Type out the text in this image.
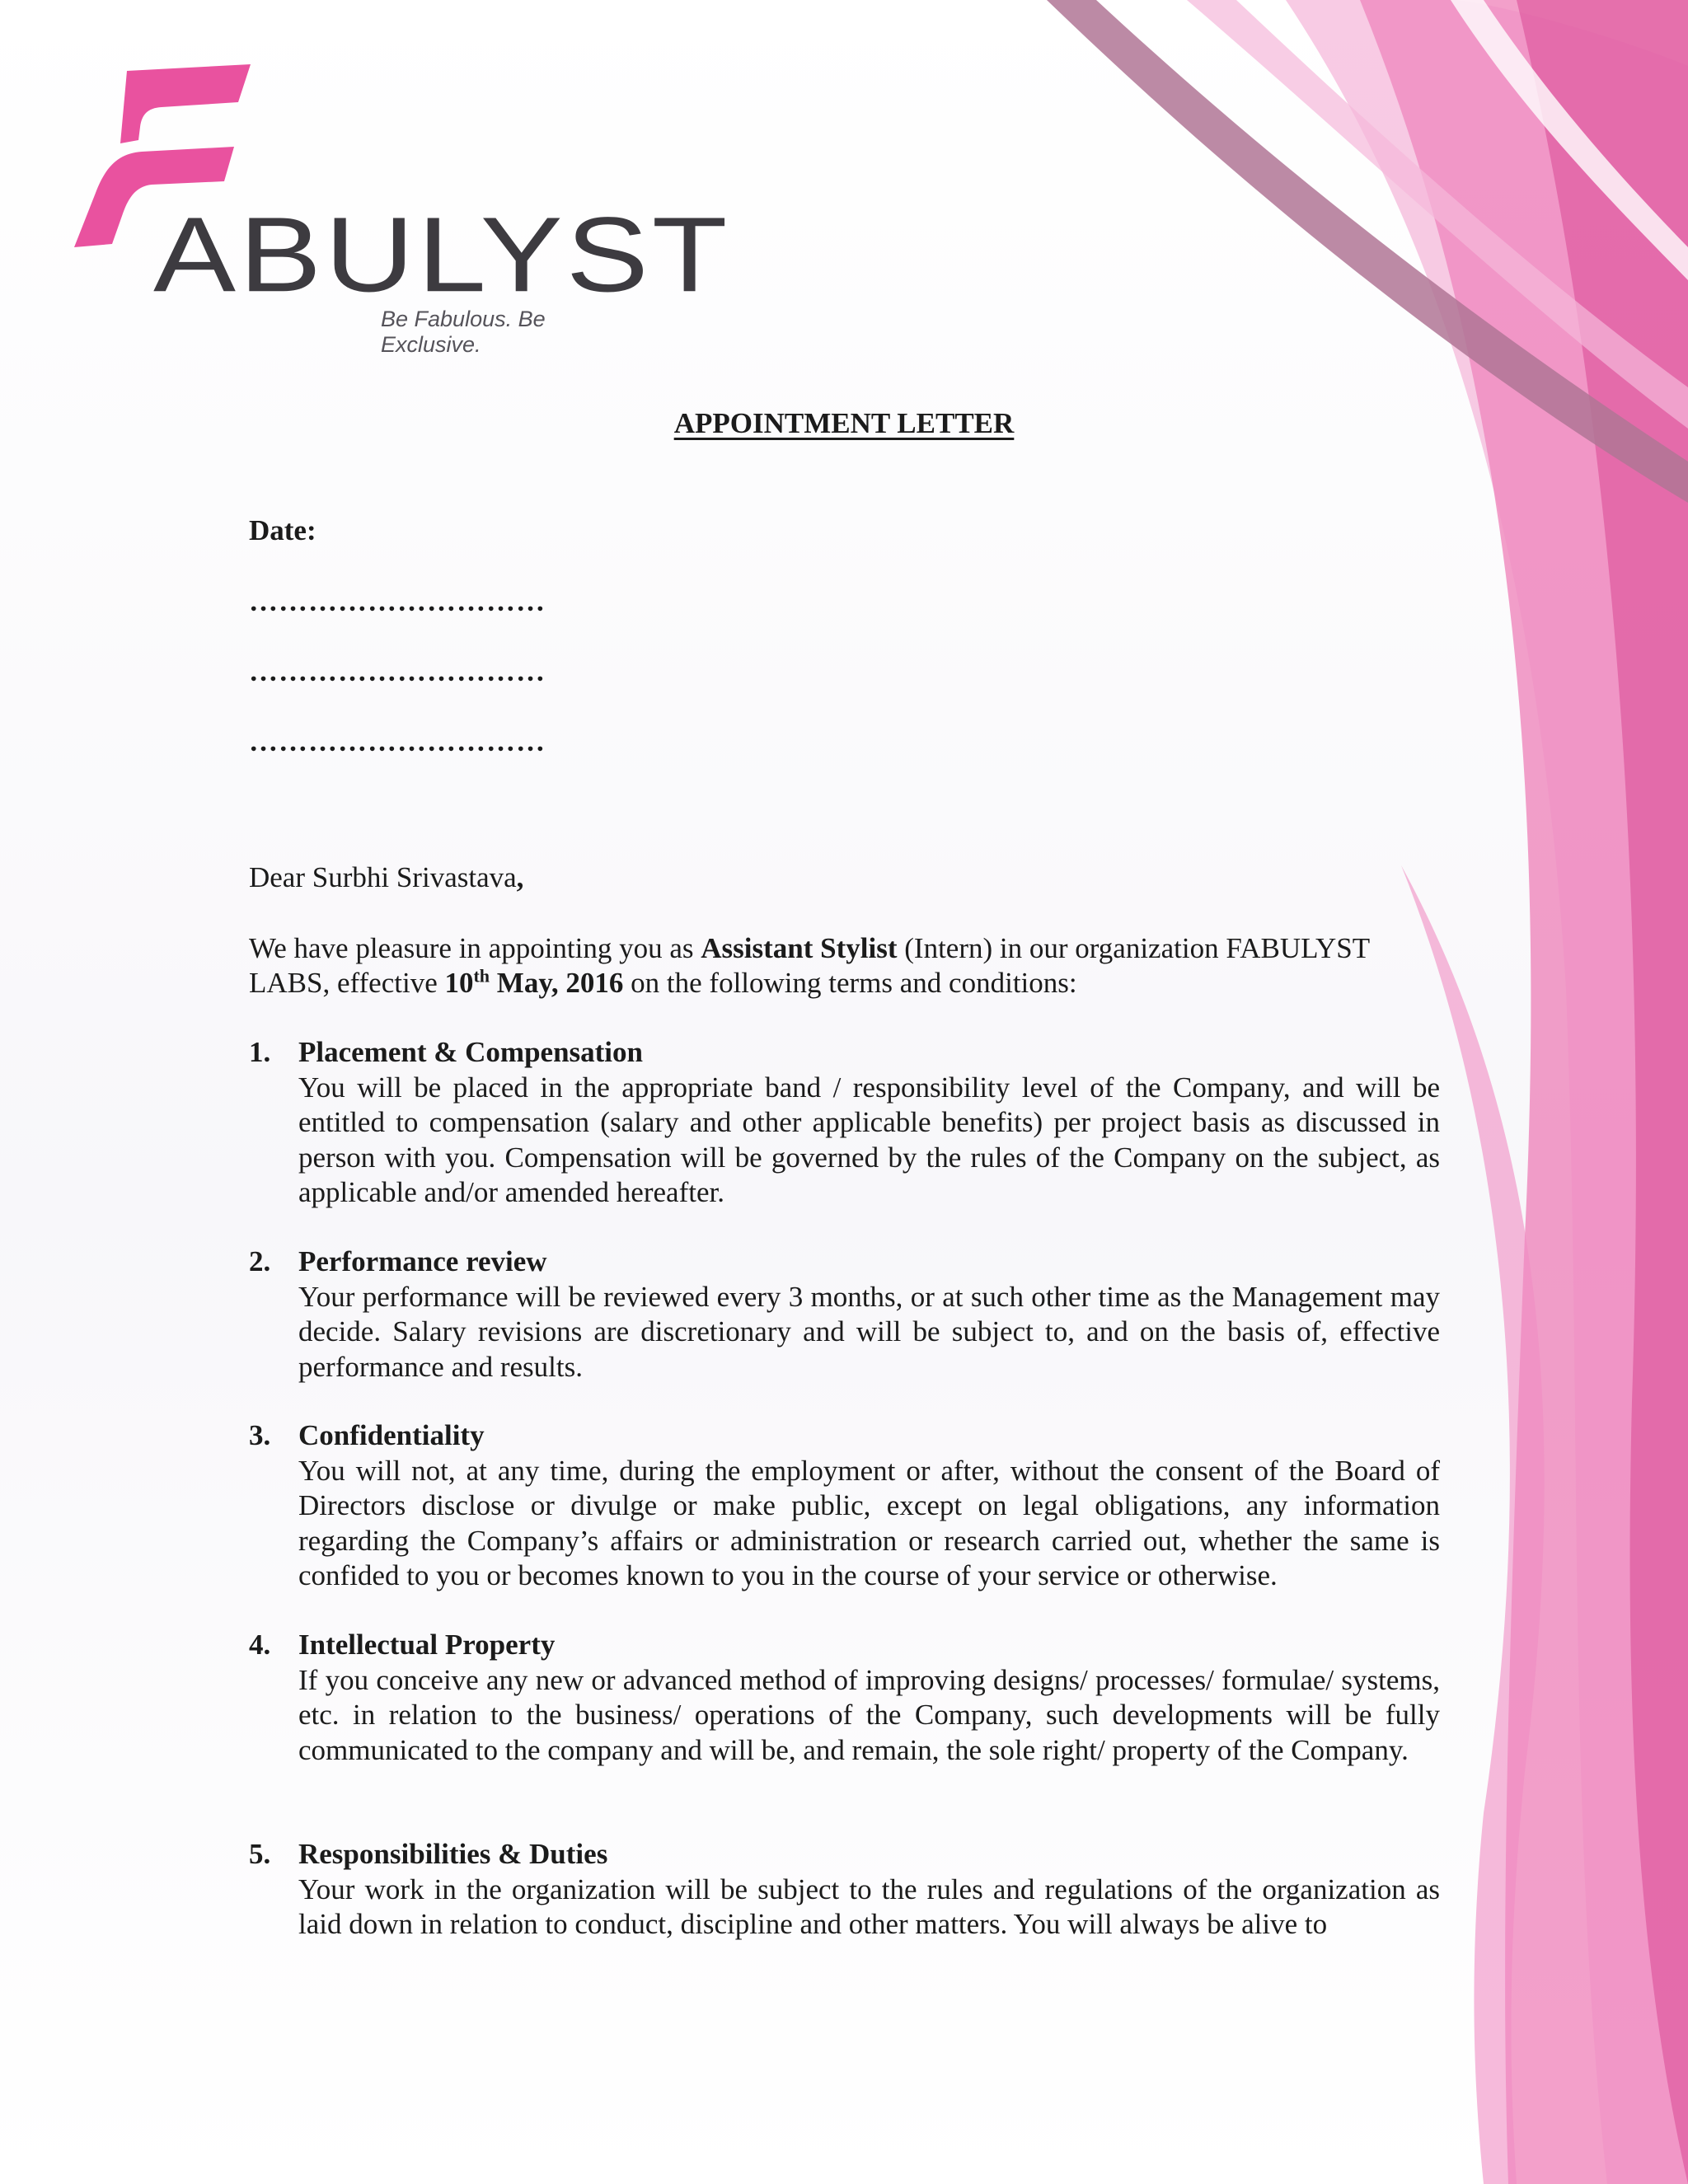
ABULYST
Be Fabulous. Be Exclusive.
APPOINTMENT LETTER
Date:
…………………………
…………………………
…………………………
Dear Surbhi Srivastava,
We have pleasure in appointing you as Assistant Stylist (Intern) in our organization FABULYST LABS, effective 10th May, 2016 on the following terms and conditions:
1. Placement & Compensation

You will be placed in the appropriate band / responsibility level of the Company, and will be entitled to compensation (salary and other applicable benefits) per project basis as discussed in person with you. Compensation will be governed by the rules of the Company on the subject, as applicable and/or amended hereafter.

2. Performance review

Your performance will be reviewed every 3 months, or at such other time as the Management may decide. Salary revisions are discretionary and will be subject to, and on the basis of, effective performance and results.

3. Confidentiality

You will not, at any time, during the employment or after, without the consent of the Board of Directors disclose or divulge or make public, except on legal obligations, any information regarding the Company’s affairs or administration or research carried out, whether the same is confided to you or becomes known to you in the course of your service or otherwise.

4. Intellectual Property

If you conceive any new or advanced method of improving designs/ processes/ formulae/ systems, etc. in relation to the business/ operations of the Company, such developments will be fully communicated to the company and will be, and remain, the sole right/ property of the Company.

5. Responsibilities & Duties

Your work in the organization will be subject to the rules and regulations of the organization as laid down in relation to conduct, discipline and other matters. You will always be alive to
